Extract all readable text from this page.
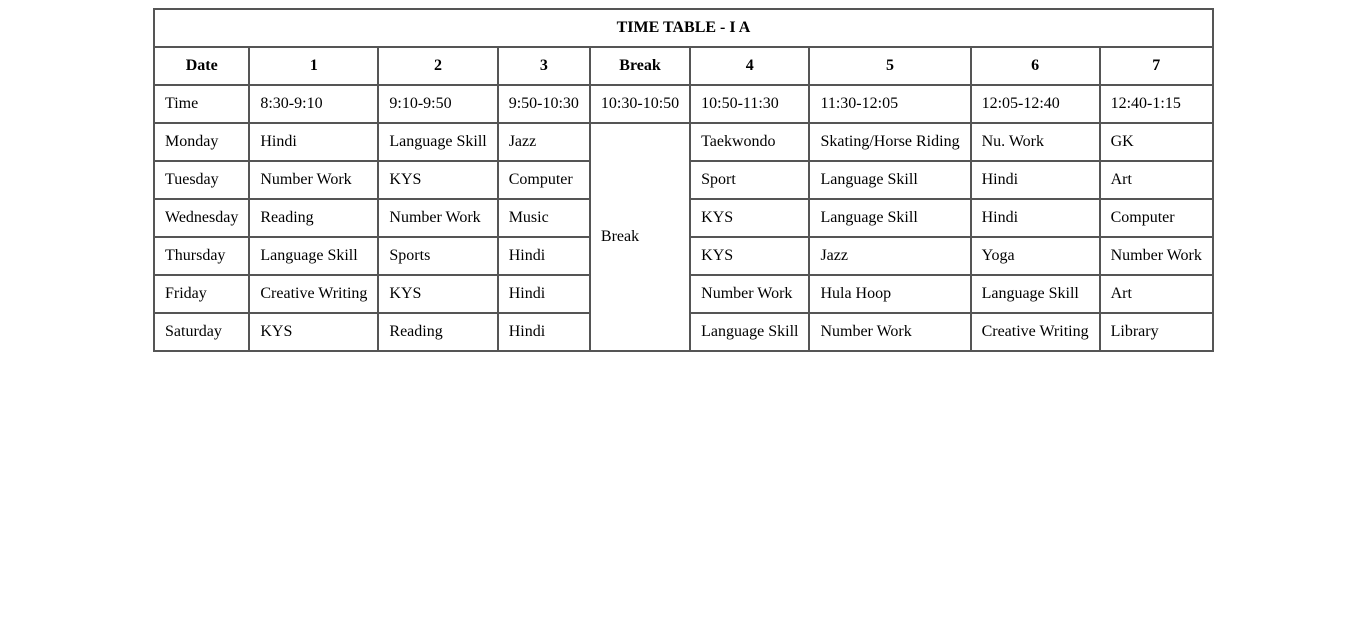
TIME TABLE - I A								
Date	1	2	3	Break	4	5	6	7
Time	8:30-9:10	9:10-9:50	9:50-10:30	10:30-10:50	10:50-11:30	11:30-12:05	12:05-12:40	12:40-1:15
Monday	Hindi	Language Skill	Jazz	Break	Taekwondo	Skating/Horse Riding	Nu. Work	GK
Tuesday	Number Work	KYS	Computer		Sport	Language Skill	Hindi	Art
Wednesday	Reading	Number Work	Music		KYS	Language Skill	Hindi	Computer
Thursday	Language Skill	Sports	Hindi		KYS	Jazz	Yoga	Number Work
Friday	Creative Writing	KYS	Hindi		Number Work	Hula Hoop	Language Skill	Art
Saturday	KYS	Reading	Hindi		Language Skill	Number Work	Creative Writing	Library
